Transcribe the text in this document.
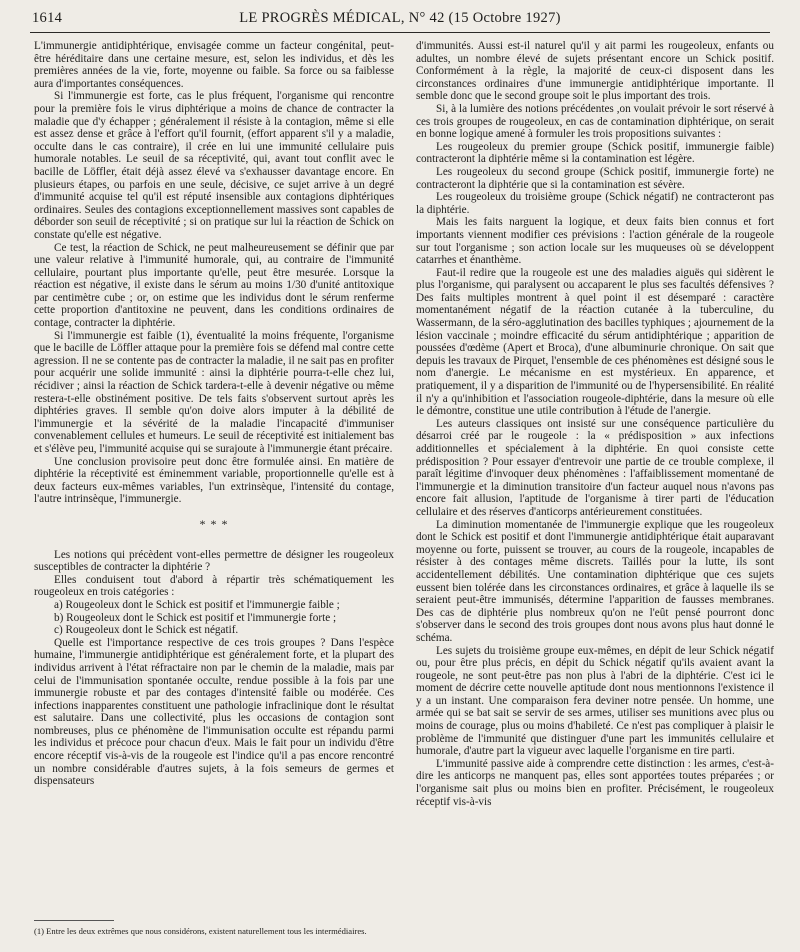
1614	LE PROGRÈS MÉDICAL, N° 42 (15 Octobre 1927)

L'immunergie antidiphtérique, envisagée comme un facteur congénital, peut-être héréditaire dans une certaine mesure, est, selon les individus, et dès les premières années de la vie, forte, moyenne ou faible. Sa force ou sa faiblesse aura d'importantes conséquences.

Si l'immunergie est forte, cas le plus fréquent, l'organisme qui rencontre pour la première fois le virus diphtérique a moins de chance de contracter la maladie que d'y échapper ; généralement il résiste à la contagion, même si elle est assez dense et grâce à l'effort qu'il fournit, (effort apparent s'il y a maladie, occulte dans le cas contraire), il crée en lui une immunité cellulaire puis humorale notables. Le seuil de sa réceptivité, qui, avant tout conflit avec le bacille de Löffler, était déjà assez élevé va s'exhausser davantage encore. En plusieurs étapes, ou parfois en une seule, décisive, ce sujet arrive à un degré d'immunité acquise tel qu'il est réputé insensible aux contagions diphtériques ordinaires. Seules des contagions exceptionnellement massives sont capables de déborder son seuil de réceptivité ; si on pratique sur lui la réaction de Schick on constate qu'elle est négative.

Ce test, la réaction de Schick, ne peut malheureusement se définir que par une valeur relative à l'immunité humorale, qui, au contraire de l'immunité cellulaire, pourtant plus importante qu'elle, peut être mesurée. Lorsque la réaction est négative, il existe dans le sérum au moins 1/30 d'unité antitoxique par centimètre cube ; or, on estime que les individus dont le sérum renferme cette proportion d'antitoxine ne peuvent, dans les conditions ordinaires de contage, contracter la diphtérie.

Si l'immunergie est faible (1), éventualité la moins fréquente, l'organisme que le bacille de Löffler attaque pour la première fois se défend mal contre cette agression. Il ne se contente pas de contracter la maladie, il ne sait pas en profiter pour acquérir une solide immunité : ainsi la diphtérie pourra-t-elle chez lui, récidiver ; ainsi la réaction de Schick tardera-t-elle à devenir négative ou même restera-t-elle obstinément positive. De tels faits s'observent surtout après les diphtéries graves. Il semble qu'on doive alors imputer à la débilité de l'immunergie et la sévérité de la maladie l'incapacité d'immuniser convenablement cellules et humeurs. Le seuil de réceptivité est initialement bas et s'élève peu, l'immunité acquise qui se surajoute à l'immunergie étant précaire.

Une conclusion provisoire peut donc être formulée ainsi. En matière de diphtérie la réceptivité est éminemment variable, proportionnelle qu'elle est à deux facteurs eux-mêmes variables, l'un extrinsèque, l'intensité du contage, l'autre intrinsèque, l'immunergie.

* * *

Les notions qui précèdent vont-elles permettre de désigner les rougeoleux susceptibles de contracter la diphtérie ?

Elles conduisent tout d'abord à répartir très schématiquement les rougeoleux en trois catégories :

a) Rougeoleux dont le Schick est positif et l'immunergie faible ;

b) Rougeoleux dont le Schick est positif et l'immunergie forte ;

c) Rougeoleux dont le Schick est négatif.

Quelle est l'importance respective de ces trois groupes ? Dans l'espèce humaine, l'immunergie antidiphtérique est généralement forte, et la plupart des individus arrivent à l'état réfractaire non par le chemin de la maladie, mais par celui de l'immunisation spontanée occulte, rendue possible à la fois par une immunergie robuste et par des contages d'intensité faible ou modérée. Ces infections inapparentes constituent une pathologie infraclinique dont le résultat est salutaire. Dans une collectivité, plus les occasions de contagion sont nombreuses, plus ce phénomène de l'immunisation occulte est répandu parmi les individus et précoce pour chacun d'eux. Mais le fait pour un individu d'être encore réceptif vis-à-vis de la rougeole est l'indice qu'il a pas encore rencontré un nombre considérable d'autres sujets, à la fois semeurs de germes et dispensateurs

d'immunités. Aussi est-il naturel qu'il y ait parmi les rougeoleux, enfants ou adultes, un nombre élevé de sujets présentant encore un Schick positif. Conformément à la règle, la majorité de ceux-ci disposent dans les circonstances ordinaires d'une immunergie antidiphtérique importante. Il semble donc que le second groupe soit le plus important des trois.

Si, à la lumière des notions précédentes ,on voulait prévoir le sort réservé à ces trois groupes de rougeoleux, en cas de contamination diphtérique, on serait en bonne logique amené à formuler les trois propositions suivantes :

Les rougeoleux du premier groupe (Schick positif, immunergie faible) contracteront la diphtérie même si la contamination est légère.

Les rougeoleux du second groupe (Schick positif, immunergie forte) ne contracteront la diphtérie que si la contamination est sévère.

Les rougeoleux du troisième groupe (Schick négatif) ne contracteront pas la diphtérie.

Mais les faits narguent la logique, et deux faits bien connus et fort importants viennent modifier ces prévisions : l'action générale de la rougeole sur tout l'organisme ; son action locale sur les muqueuses où se développent catarrhes et énanthème.

Faut-il redire que la rougeole est une des maladies aiguës qui sidèrent le plus l'organisme, qui paralysent ou accaparent le plus ses facultés défensives ? Des faits multiples montrent à quel point il est désemparé : caractère momentanément négatif de la réaction cutanée à la tuberculine, du Wassermann, de la séro-agglutination des bacilles typhiques ; ajournement de la lésion vaccinale ; moindre efficacité du sérum antidiphtérique ; apparition de poussées d'œdème (Apert et Broca), d'une albuminurie chronique. On sait que depuis les travaux de Pirquet, l'ensemble de ces phénomènes est désigné sous le nom d'anergie. Le mécanisme en est mystérieux. En apparence, et pratiquement, il y a disparition de l'immunité ou de l'hypersensibilité. En réalité il n'y a qu'inhibition et l'association rougeole-diphtérie, dans la mesure où elle le démontre, constitue une utile contribution à l'étude de l'anergie.

Les auteurs classiques ont insisté sur une conséquence particulière du désarroi créé par le rougeole : la « prédisposition » aux infections additionnelles et spécialement à la diphtérie. En quoi consiste cette prédisposition ? Pour essayer d'entrevoir une partie de ce trouble complexe, il paraît légitime d'invoquer deux phénomènes : l'affaiblissement momentané de l'immunergie et la diminution transitoire d'un facteur auquel nous n'avons pas encore fait allusion, l'aptitude de l'organisme à tirer parti de l'éducation cellulaire et des réserves d'anticorps antérieurement constituées.

La diminution momentanée de l'immunergie explique que les rougeoleux dont le Schick est positif et dont l'immunergie antidiphtérique était auparavant moyenne ou forte, puissent se trouver, au cours de la rougeole, incapables de résister à des contages même discrets. Taillés pour la lutte, ils sont accidentellement débilités. Une contamination diphtérique que ces sujets eussent bien tolérée dans les circonstances ordinaires, et grâce à laquelle ils se seraient peut-être immunisés, détermine l'apparition de fausses membranes. Des cas de diphtérie plus nombreux qu'on ne l'eût pensé pourront donc s'observer dans le second des trois groupes dont nous avons plus haut donné le schéma.

Les sujets du troisième groupe eux-mêmes, en dépit de leur Schick négatif ou, pour être plus précis, en dépit du Schick négatif qu'ils avaient avant la rougeole, ne sont peut-être pas non plus à l'abri de la diphtérie. C'est ici le moment de décrire cette nouvelle aptitude dont nous mentionnons l'existence il y a un instant. Une comparaison fera deviner notre pensée. Un homme, une armée qui se bat sait se servir de ses armes, utiliser ses munitions avec plus ou moins de courage, plus ou moins d'habileté. Ce n'est pas compliquer à plaisir le problème de l'immunité que distinguer d'une part les immunités cellulaire et humorale, d'autre part la vigueur avec laquelle l'organisme en tire parti.

L'immunité passive aide à comprendre cette distinction : les armes, c'est-à-dire les anticorps ne manquent pas, elles sont apportées toutes préparées ; or l'organisme sait plus ou moins bien en profiter. Précisément, le rougeoleux réceptif vis-à-vis

(1) Entre les deux extrêmes que nous considérons, existent naturellement tous les intermédiaires.
